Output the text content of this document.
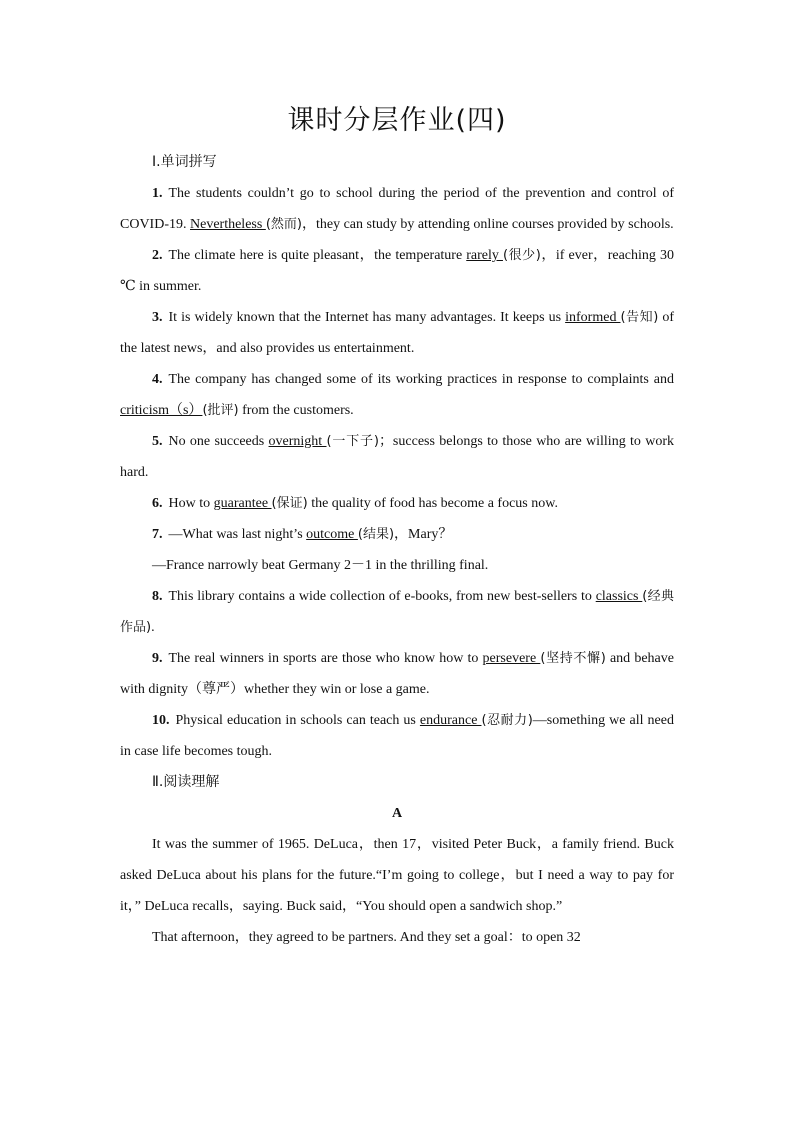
课时分层作业(四)

Ⅰ.单词拼写

1. The students couldn’t go to school during the period of the prevention and control of COVID-19. Nevertheless (然而)，they can study by attending online courses provided by schools.

2. The climate here is quite pleasant，the temperature rarely (很少)，if ever，reaching 30 ℃ in summer.

3. It is widely known that the Internet has many advantages. It keeps us informed (告知) of the latest news，and also provides us entertainment.

4. The company has changed some of its working practices in response to complaints and criticism（s）(批评) from the customers.

5. No one succeeds overnight (一下子)；success belongs to those who are willing to work hard.

6. How to guarantee (保证) the quality of food has become a focus now.

7. —What was last night’s outcome (结果)，Mary？

—France narrowly beat Germany 2－1 in the thrilling final.

8. This library contains a wide collection of e-books, from new best-sellers to classics (经典作品).

9. The real winners in sports are those who know how to persevere (坚持不懈) and behave with dignity（尊严）whether they win or lose a game.

10. Physical education in schools can teach us endurance (忍耐力)—something we all need in case life becomes tough.

Ⅱ.阅读理解

A

It was the summer of 1965. DeLuca，then 17，visited Peter Buck，a family friend. Buck asked DeLuca about his plans for the future.“I’m going to college，but I need a way to pay for it，” DeLuca recalls，saying. Buck said，“You should open a sandwich shop.”

That afternoon，they agreed to be partners. And they set a goal：to open 32
